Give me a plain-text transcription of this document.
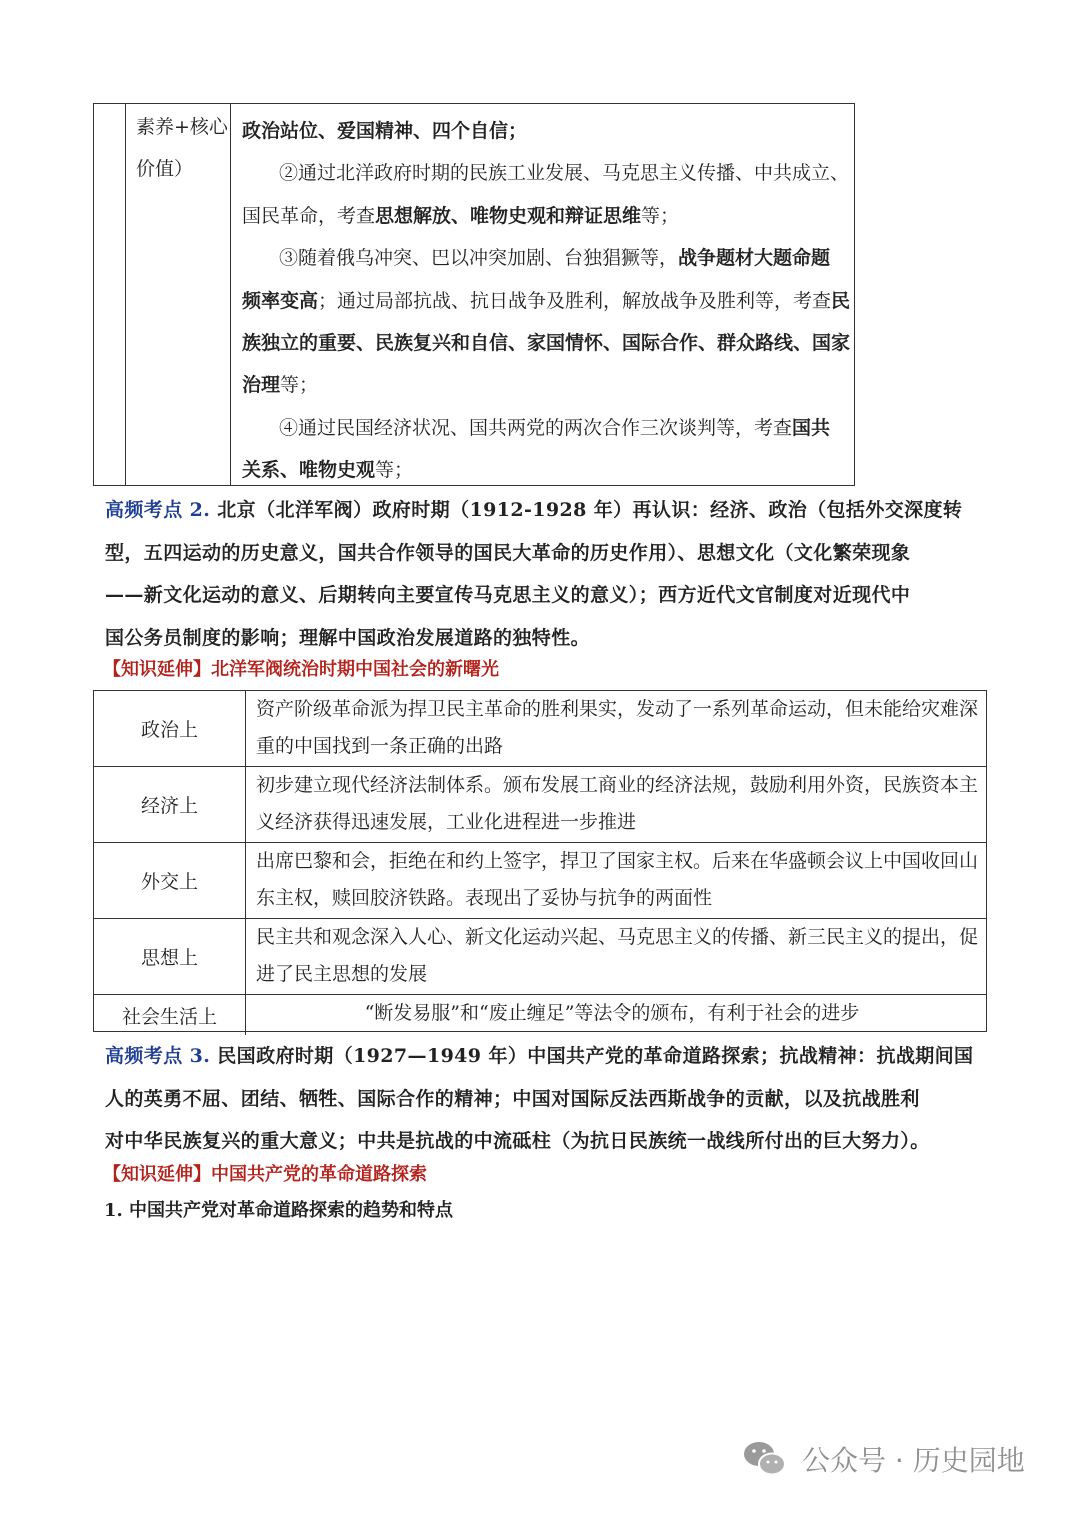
素养+核心
价值）
政治站位、爱国精神、四个自信；
②通过北洋政府时期的民族工业发展、马克思主义传播、中共成立、
国民革命，考查思想解放、唯物史观和辩证思维等；
③随着俄乌冲突、巴以冲突加剧、台独猖獗等，战争题材大题命题
频率变高；通过局部抗战、抗日战争及胜利，解放战争及胜利等，考查民
族独立的重要、民族复兴和自信、家国情怀、国际合作、群众路线、国家
治理等；
④通过民国经济状况、国共两党的两次合作三次谈判等，考查国共
关系、唯物史观等；
高频考点 2. 北京（北洋军阀）政府时期（1912-1928 年）再认识：经济、政治（包括外交深度转
型，五四运动的历史意义，国共合作领导的国民大革命的历史作用）、思想文化（文化繁荣现象
——新文化运动的意义、后期转向主要宣传马克思主义的意义）；西方近代文官制度对近现代中
国公务员制度的影响；理解中国政治发展道路的独特性。
【知识延伸】北洋军阀统治时期中国社会的新曙光
政治上
资产阶级革命派为捍卫民主革命的胜利果实，发动了一系列革命运动，但未能给灾难深
重的中国找到一条正确的出路
经济上
初步建立现代经济法制体系。颁布发展工商业的经济法规，鼓励利用外资，民族资本主
义经济获得迅速发展，工业化进程进一步推进
外交上
出席巴黎和会，拒绝在和约上签字，捍卫了国家主权。后来在华盛顿会议上中国收回山
东主权，赎回胶济铁路。表现出了妥协与抗争的两面性
思想上
民主共和观念深入人心、新文化运动兴起、马克思主义的传播、新三民主义的提出，促
进了民主思想的发展
社会生活上	“断发易服”和“废止缠足”等法令的颁布，有利于社会的进步
高频考点 3. 民国政府时期（1927—1949 年）中国共产党的革命道路探索；抗战精神：抗战期间国
人的英勇不屈、团结、牺牲、国际合作的精神；中国对国际反法西斯战争的贡献，以及抗战胜利
对中华民族复兴的重大意义；中共是抗战的中流砥柱（为抗日民族统一战线所付出的巨大努力）。
【知识延伸】中国共产党的革命道路探索
1. 中国共产党对革命道路探索的趋势和特点
公众号 · 历史园地
